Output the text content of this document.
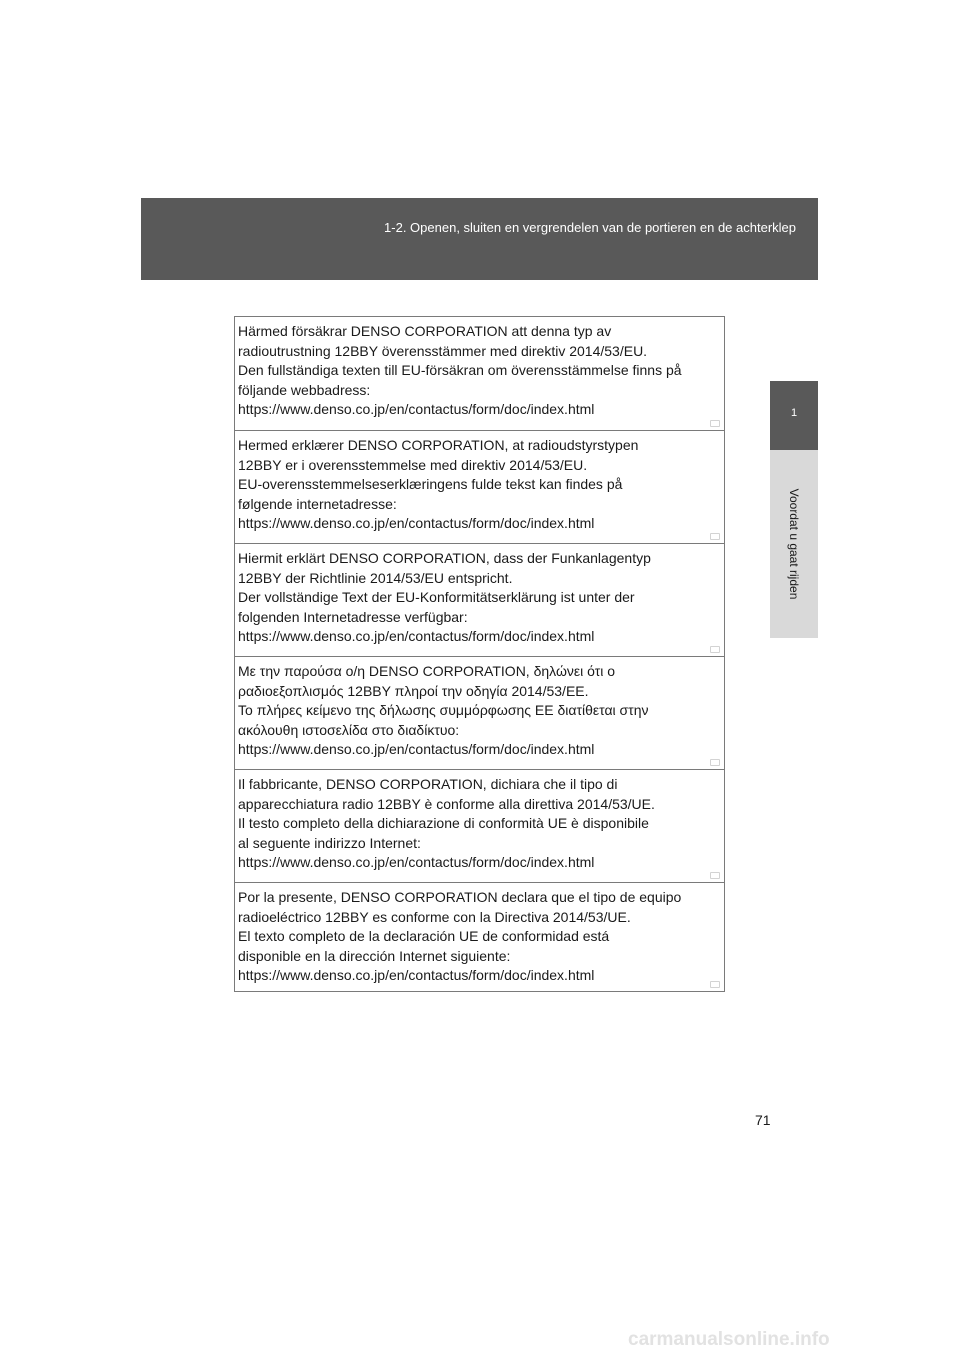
1-2. Openen, sluiten en vergrendelen van de portieren en de achterklep
1
Voordat u gaat rijden
Härmed försäkrar DENSO CORPORATION att denna typ av
radioutrustning 12BBY överensstämmer med direktiv 2014/53/EU.
Den fullständiga texten till EU-försäkran om överensstämmelse finns på
följande webbadress:
https://www.denso.co.jp/en/contactus/form/doc/index.html
Hermed erklærer DENSO CORPORATION, at radioudstyrstypen
12BBY er i overensstemmelse med direktiv 2014/53/EU.
EU-overensstemmelseserklæringens fulde tekst kan findes på
følgende internetadresse:
https://www.denso.co.jp/en/contactus/form/doc/index.html
Hiermit erklärt DENSO CORPORATION, dass der Funkanlagentyp
12BBY der Richtlinie 2014/53/EU entspricht.
Der vollständige Text der EU-Konformitätserklärung ist unter der
folgenden Internetadresse verfügbar:
https://www.denso.co.jp/en/contactus/form/doc/index.html
Με την παρούσα ο/η DENSO CORPORATION, δηλώνει ότι ο
ραδιοεξοπλισμός 12BBY πληροί την οδηγία 2014/53/ΕΕ.
Το πλήρες κείμενο της δήλωσης συμμόρφωσης ΕΕ διατίθεται στην
ακόλουθη ιστοσελίδα στο διαδίκτυο:
https://www.denso.co.jp/en/contactus/form/doc/index.html
Il fabbricante, DENSO CORPORATION, dichiara che il tipo di
apparecchiatura radio 12BBY è conforme alla direttiva 2014/53/UE.
Il testo completo della dichiarazione di conformità UE è disponibile
al seguente indirizzo Internet:
https://www.denso.co.jp/en/contactus/form/doc/index.html
Por la presente, DENSO CORPORATION declara que el tipo de equipo
radioeléctrico 12BBY es conforme con la Directiva 2014/53/UE.
El texto completo de la declaración UE de conformidad está
disponible en la dirección Internet siguiente:
https://www.denso.co.jp/en/contactus/form/doc/index.html
71
carmanualsonline.info
